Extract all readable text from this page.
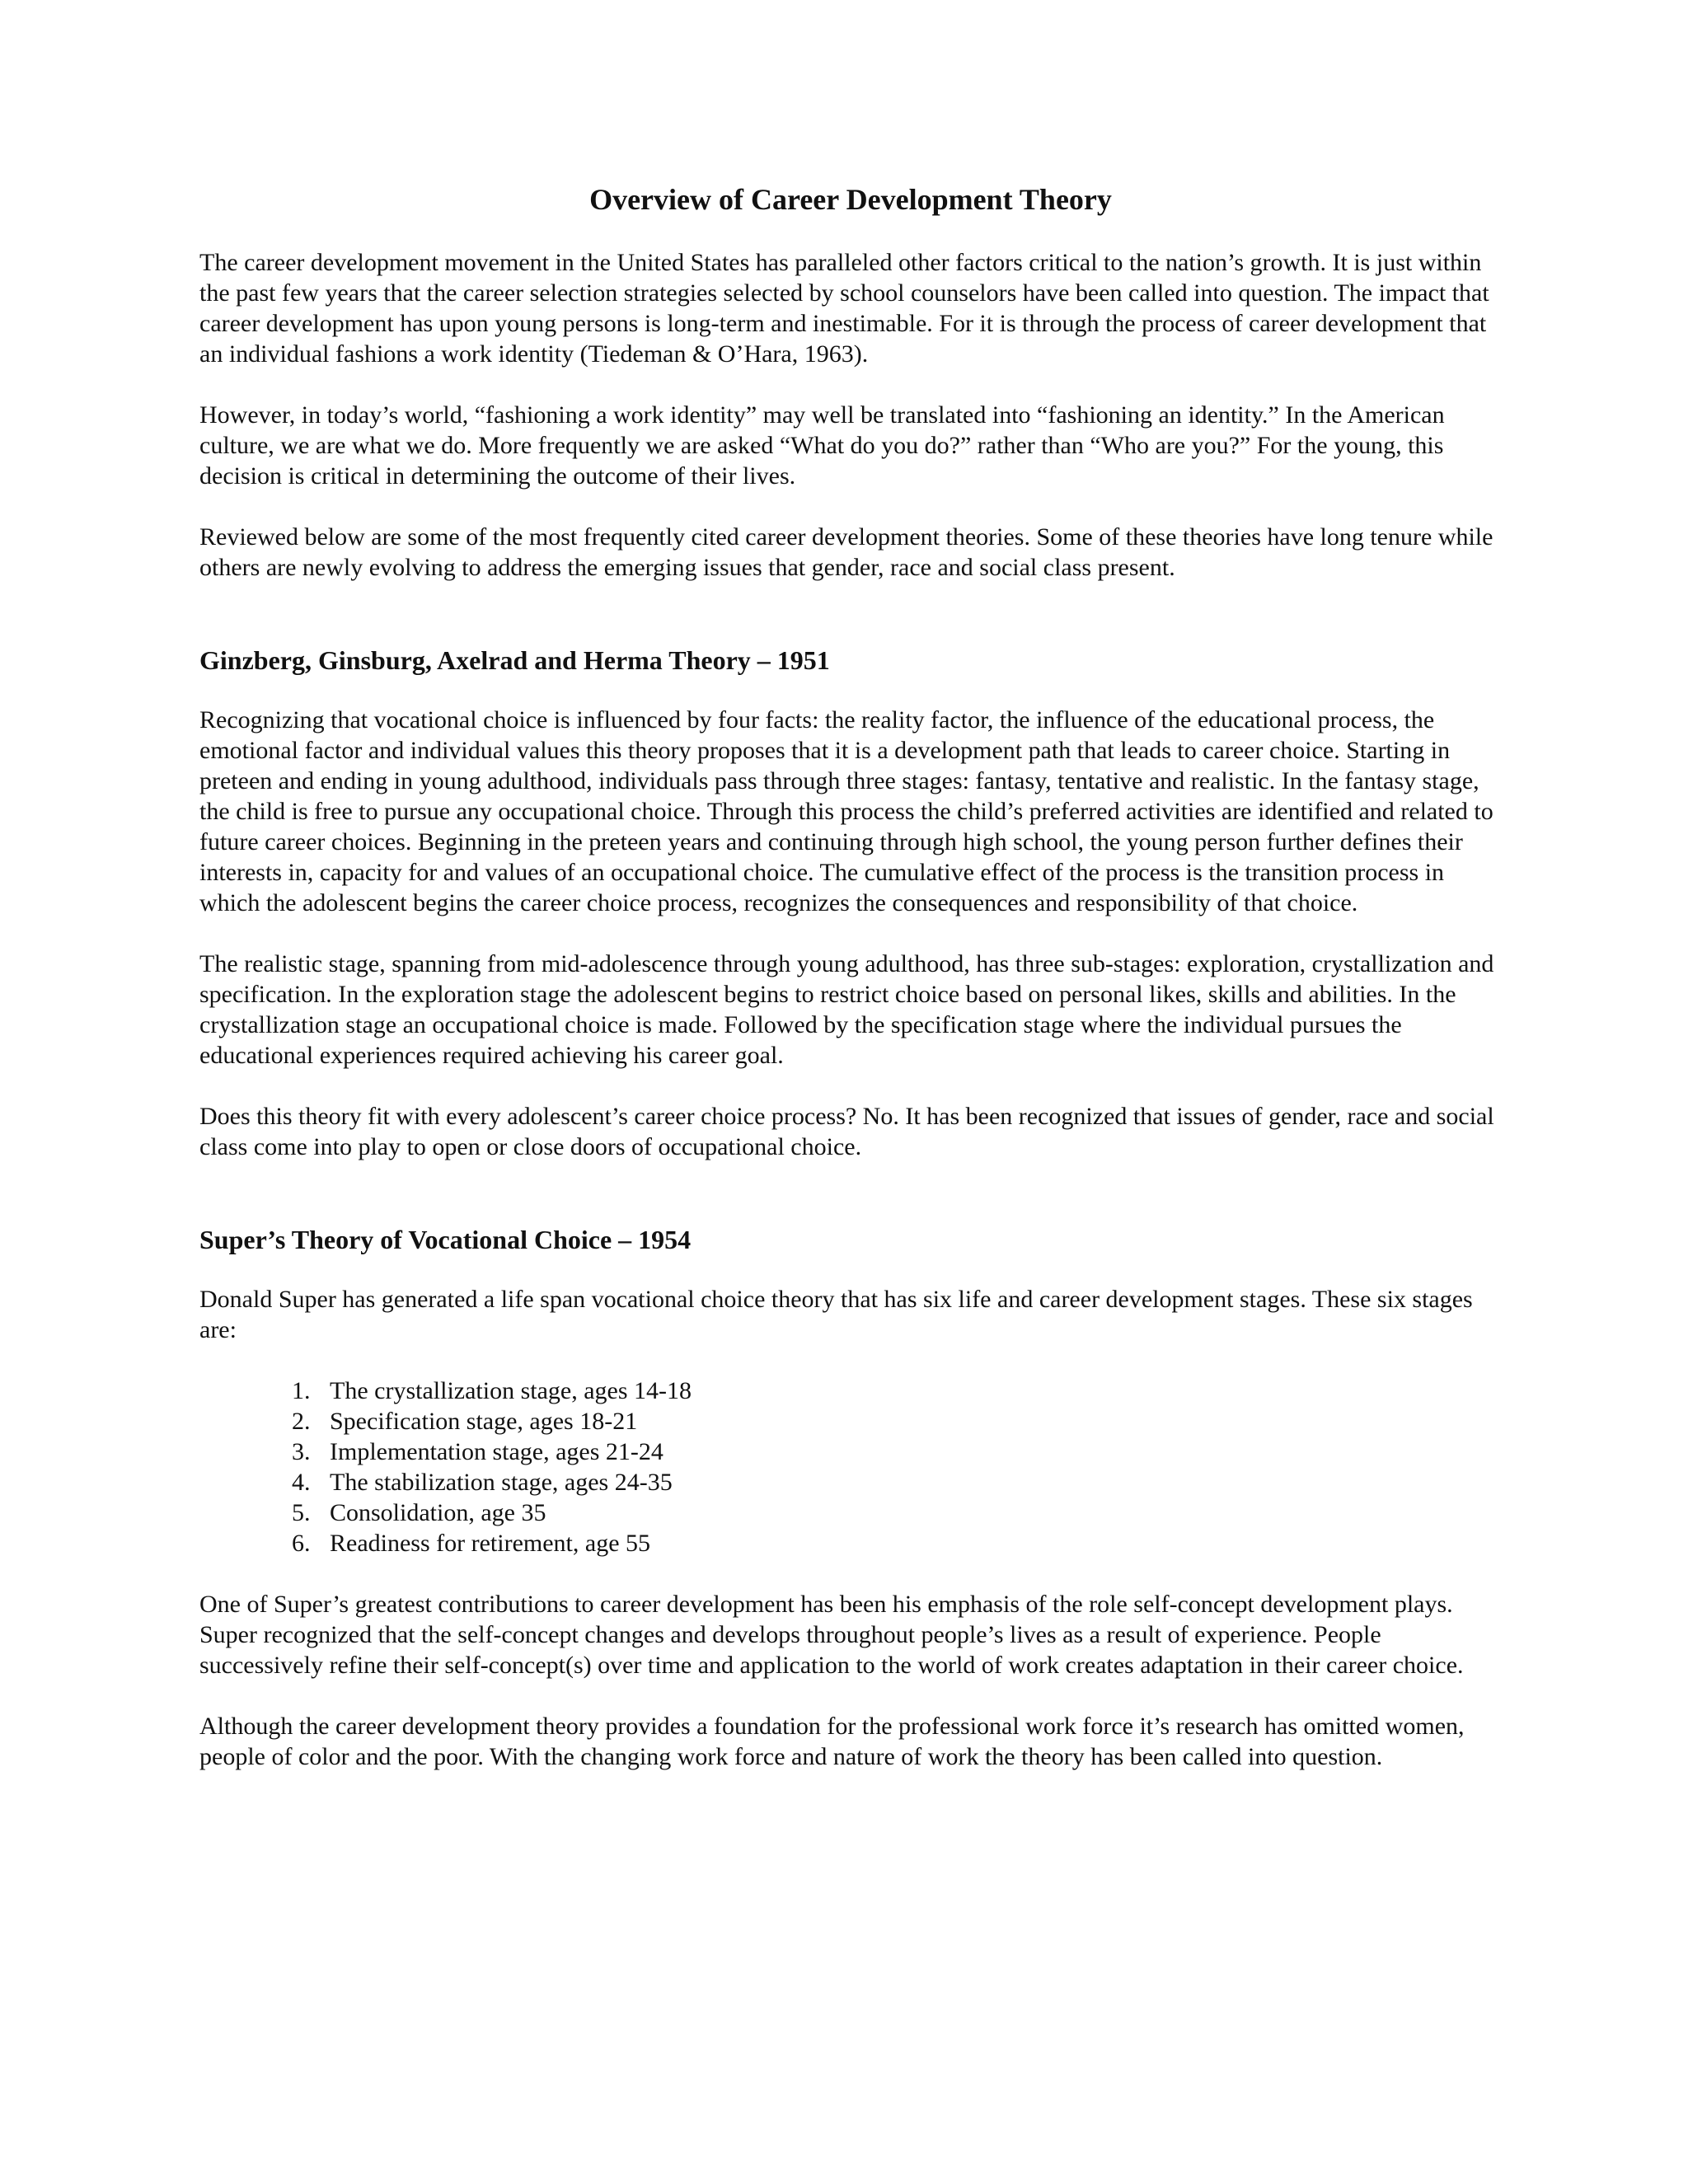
Overview of Career Development Theory

The career development movement in the United States has paralleled other factors critical to the nation’s growth. It is just within the past few years that the career selection strategies selected by school counselors have been called into question. The impact that career development has upon young persons is long-term and inestimable. For it is through the process of career development that an individual fashions a work identity (Tiedeman & O’Hara, 1963).

However, in today’s world, “fashioning a work identity” may well be translated into “fashioning an identity.” In the American culture, we are what we do. More frequently we are asked “What do you do?” rather than “Who are you?” For the young, this decision is critical in determining the outcome of their lives.

Reviewed below are some of the most frequently cited career development theories. Some of these theories have long tenure while others are newly evolving to address the emerging issues that gender, race and social class present.

Ginzberg, Ginsburg, Axelrad and Herma Theory – 1951

Recognizing that vocational choice is influenced by four facts: the reality factor, the influence of the educational process, the emotional factor and individual values this theory proposes that it is a development path that leads to career choice. Starting in preteen and ending in young adulthood, individuals pass through three stages: fantasy, tentative and realistic. In the fantasy stage, the child is free to pursue any occupational choice. Through this process the child’s preferred activities are identified and related to future career choices. Beginning in the preteen years and continuing through high school, the young person further defines their interests in, capacity for and values of an occupational choice. The cumulative effect of the process is the transition process in which the adolescent begins the career choice process, recognizes the consequences and responsibility of that choice.

The realistic stage, spanning from mid-adolescence through young adulthood, has three sub-stages: exploration, crystallization and specification. In the exploration stage the adolescent begins to restrict choice based on personal likes, skills and abilities. In the crystallization stage an occupational choice is made. Followed by the specification stage where the individual pursues the educational experiences required achieving his career goal.

Does this theory fit with every adolescent’s career choice process? No. It has been recognized that issues of gender, race and social class come into play to open or close doors of occupational choice.

Super’s Theory of Vocational Choice – 1954

Donald Super has generated a life span vocational choice theory that has six life and career development stages. These six stages are:

1. The crystallization stage, ages 14-18
2. Specification stage, ages 18-21
3. Implementation stage, ages 21-24
4. The stabilization stage, ages 24-35
5. Consolidation, age 35
6. Readiness for retirement, age 55

One of Super’s greatest contributions to career development has been his emphasis of the role self-concept development plays. Super recognized that the self-concept changes and develops throughout people’s lives as a result of experience. People successively refine their self-concept(s) over time and application to the world of work creates adaptation in their career choice.

Although the career development theory provides a foundation for the professional work force it’s research has omitted women, people of color and the poor. With the changing work force and nature of work the theory has been called into question.
